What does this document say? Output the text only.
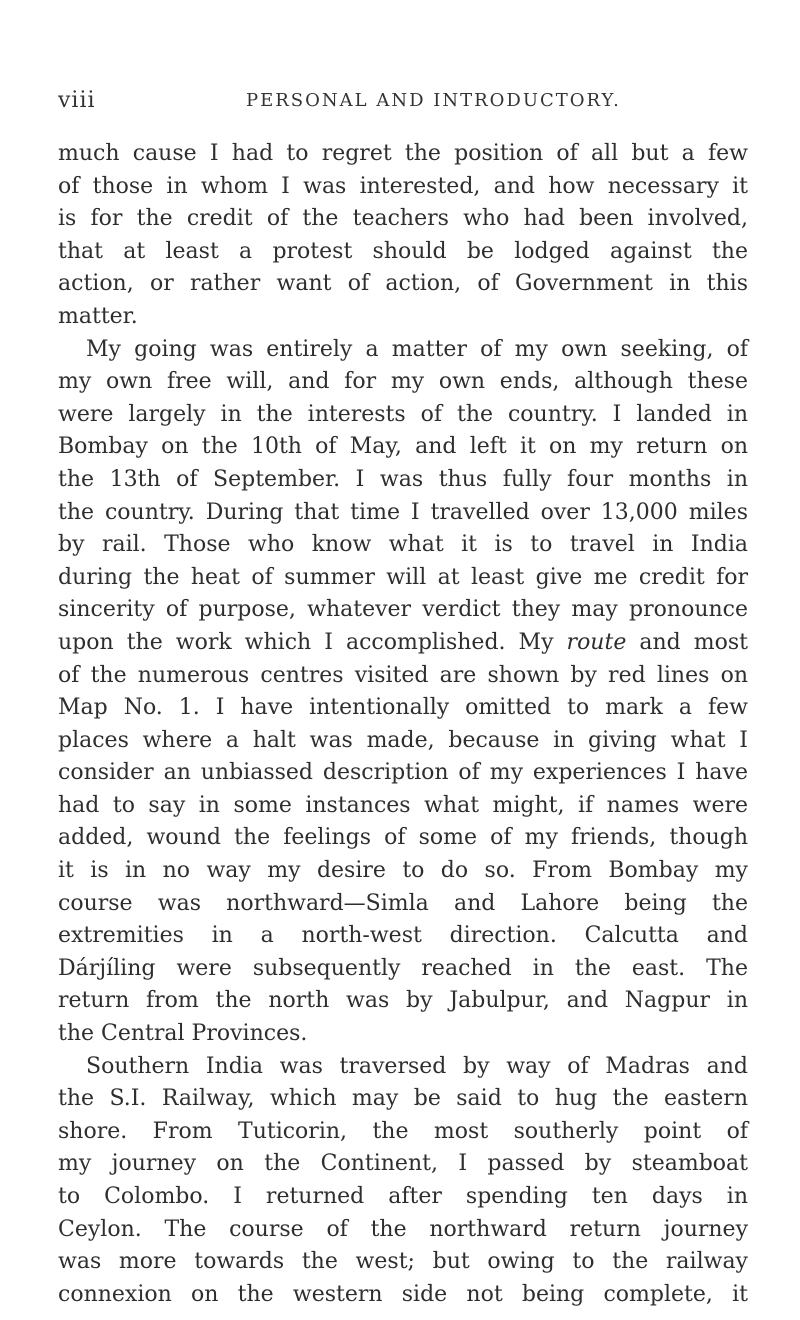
viii	PERSONAL AND INTRODUCTORY.
much cause I had to regret the position of all but a few
of those in whom I was interested, and how necessary it
is for the credit of the teachers who had been involved,
that at least a protest should be lodged against the
action, or rather want of action, of Government in this
matter.
My going was entirely a matter of my own seeking, of
my own free will, and for my own ends, although these
were largely in the interests of the country. I landed in
Bombay on the 10th of May, and left it on my return on
the 13th of September. I was thus fully four months in
the country. During that time I travelled over 13,000 miles
by rail. Those who know what it is to travel in India
during the heat of summer will at least give me credit for
sincerity of purpose, whatever verdict they may pronounce
upon the work which I accomplished. My route and most
of the numerous centres visited are shown by red lines on
Map No. 1. I have intentionally omitted to mark a few
places where a halt was made, because in giving what I
consider an unbiassed description of my experiences I have
had to say in some instances what might, if names were
added, wound the feelings of some of my friends, though
it is in no way my desire to do so. From Bombay my
course was northward—Simla and Lahore being the
extremities in a north-west direction. Calcutta and
Dárjíling were subsequently reached in the east. The
return from the north was by Jabulpur, and Nagpur in
the Central Provinces.
Southern India was traversed by way of Madras and
the S.I. Railway, which may be said to hug the eastern
shore. From Tuticorin, the most southerly point of
my journey on the Continent, I passed by steamboat
to Colombo. I returned after spending ten days in
Ceylon. The course of the northward return journey
was more towards the west; but owing to the railway
connexion on the western side not being complete, it
